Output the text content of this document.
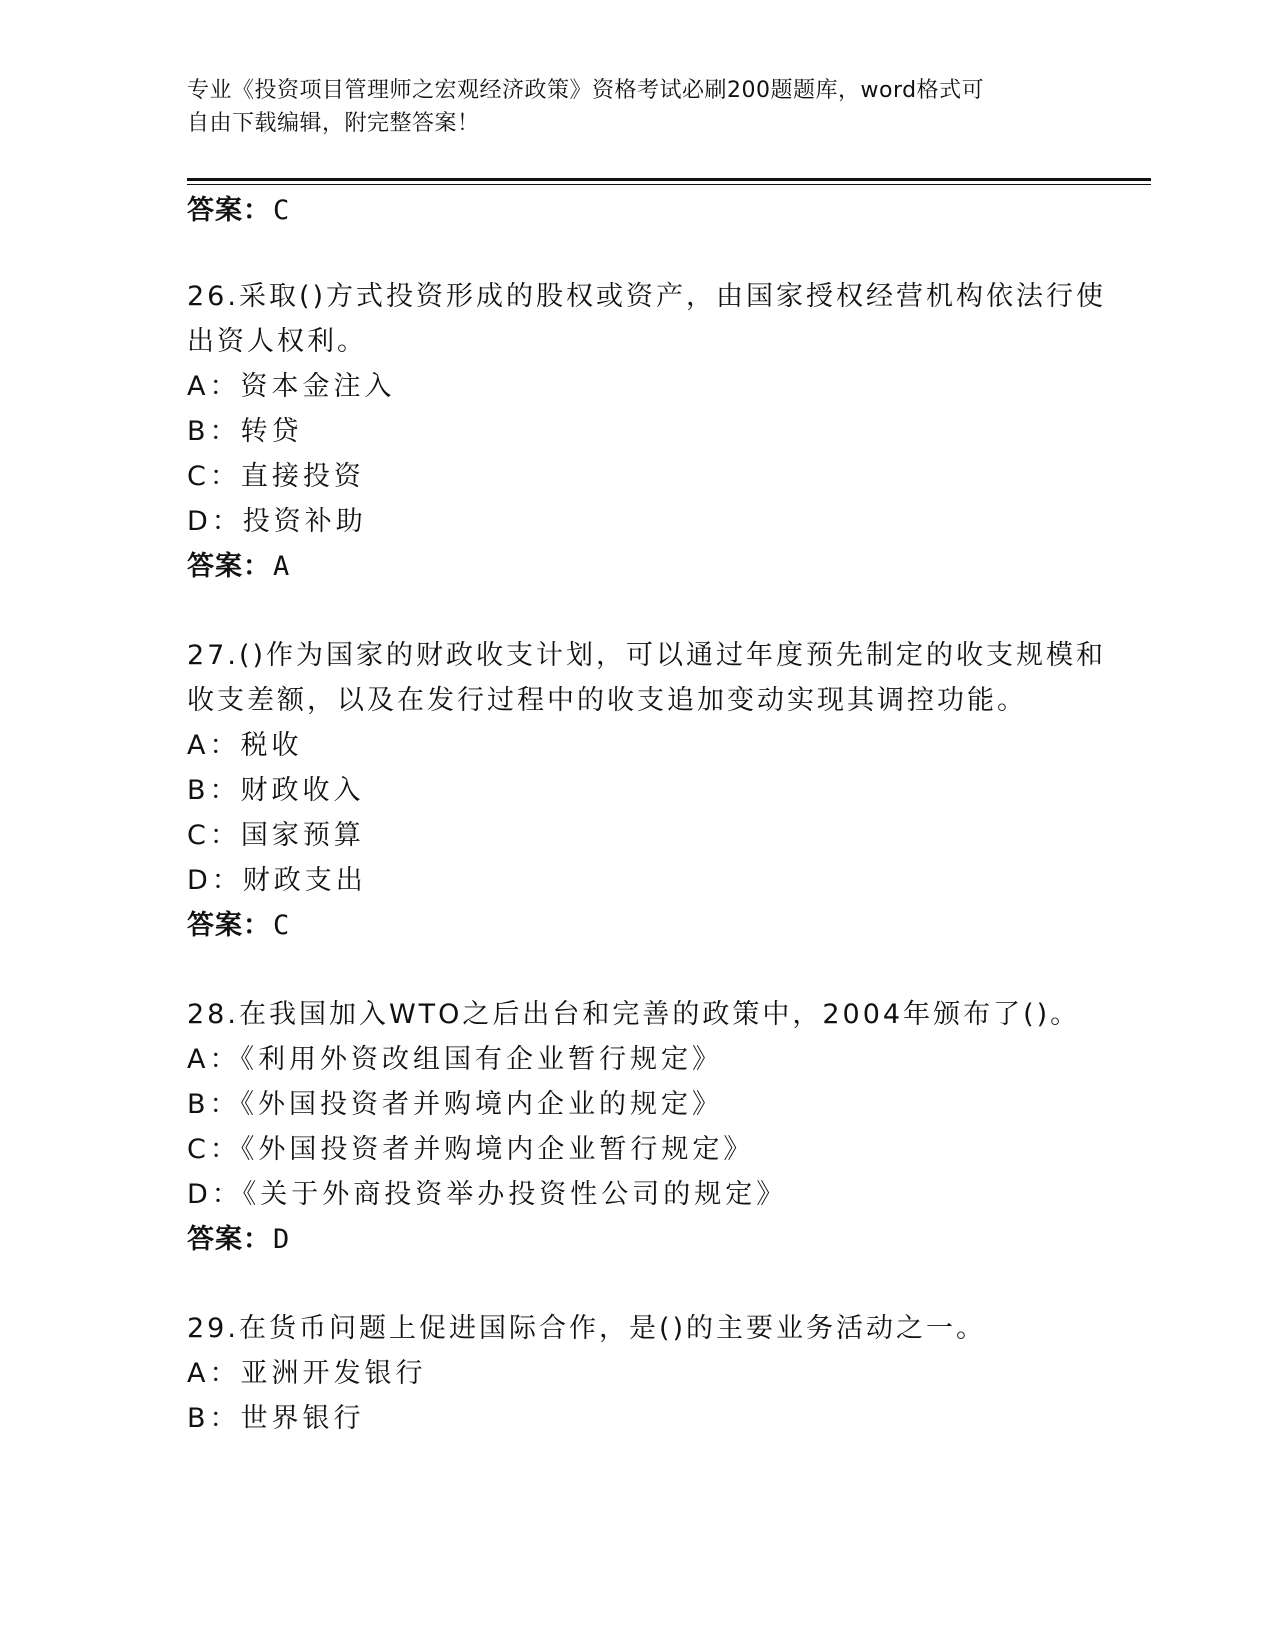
专业《投资项目管理师之宏观经济政策》资格考试必刷200题题库，word格式可
自由下载编辑，附完整答案！
答案：C
26.采取()方式投资形成的股权或资产，由国家授权经营机构依法行使
出资人权利。
A：资本金注入
B：转贷
C：直接投资
D：投资补助
答案：A
27.()作为国家的财政收支计划，可以通过年度预先制定的收支规模和
收支差额，以及在发行过程中的收支追加变动实现其调控功能。
A：税收
B：财政收入
C：国家预算
D：财政支出
答案：C
28.在我国加入WTO之后出台和完善的政策中，2004年颁布了()。
A：《利用外资改组国有企业暂行规定》
B：《外国投资者并购境内企业的规定》
C：《外国投资者并购境内企业暂行规定》
D：《关于外商投资举办投资性公司的规定》
答案：D
29.在货币问题上促进国际合作，是()的主要业务活动之一。
A：亚洲开发银行
B：世界银行
